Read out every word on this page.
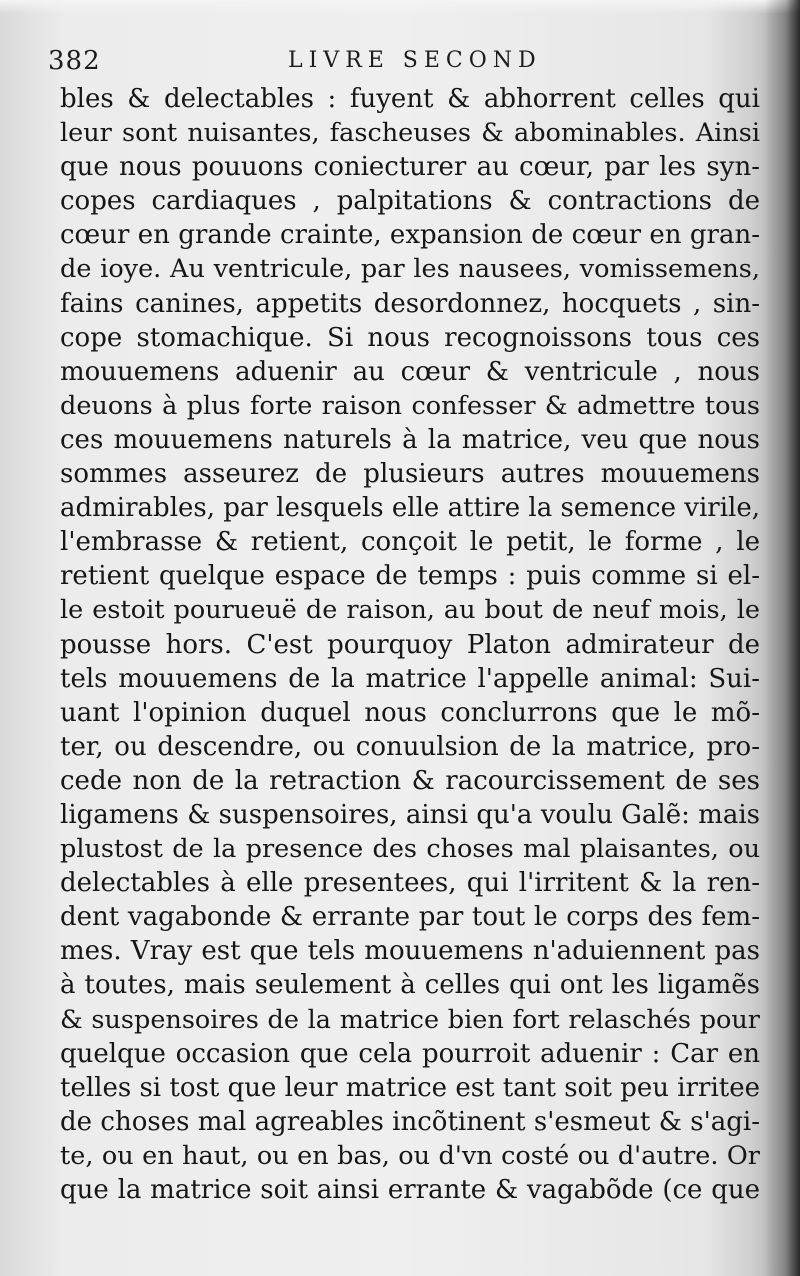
382	LIVRE SECOND
bles & delectables : fuyent & abhorrent celles qui
leur sont nuisantes, fascheuses & abominables. Ainsi
que nous pouuons coniecturer au cœur, par les syn-
copes cardiaques , palpitations & contractions de
cœur en grande crainte, expansion de cœur en gran-
de ioye. Au ventricule, par les nausees, vomissemens,
fains canines, appetits desordonnez, hocquets , sin-
cope stomachique. Si nous recognoissons tous ces
mouuemens aduenir au cœur & ventricule , nous
deuons à plus forte raison confesser & admettre tous
ces mouuemens naturels à la matrice, veu que nous
sommes asseurez de plusieurs autres mouuemens
admirables, par lesquels elle attire la semence virile,
l'embrasse & retient, conçoit le petit, le forme , le
retient quelque espace de temps : puis comme si el-
le estoit pourueuë de raison, au bout de neuf mois, le
pousse hors. C'est pourquoy Platon admirateur de
tels mouuemens de la matrice l'appelle animal: Sui-
uant l'opinion duquel nous conclurrons que le mõ-
ter, ou descendre, ou conuulsion de la matrice, pro-
cede non de la retraction & racourcissement de ses
ligamens & suspensoires, ainsi qu'a voulu Galẽ: mais
plustost de la presence des choses mal plaisantes, ou
delectables à elle presentees, qui l'irritent & la ren-
dent vagabonde & errante par tout le corps des fem-
mes. Vray est que tels mouuemens n'aduiennent pas
à toutes, mais seulement à celles qui ont les ligamẽs
& suspensoires de la matrice bien fort relaschés pour
quelque occasion que cela pourroit aduenir : Car en
telles si tost que leur matrice est tant soit peu irritee
de choses mal agreables incõtinent s'esmeut & s'agi-
te, ou en haut, ou en bas, ou d'vn costé ou d'autre. Or
que la matrice soit ainsi errante & vagabõde (ce que
